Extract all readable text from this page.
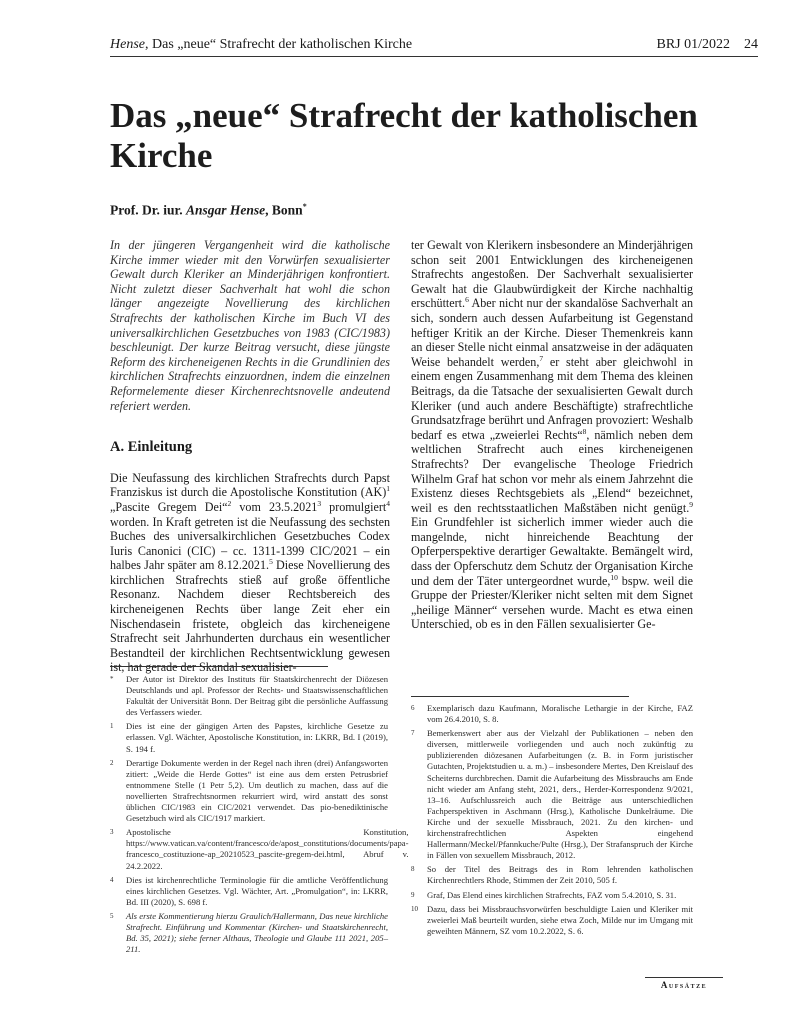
Hense, Das „neue“ Strafrecht der katholischen Kirche	BRJ 01/2022 24
Das „neue“ Strafrecht der katholischen Kirche
Prof. Dr. iur. Ansgar Hense, Bonn*

In der jüngeren Vergangenheit wird die katholische Kirche immer wieder mit den Vorwürfen sexualisierter Gewalt durch Kleriker an Minderjährigen konfrontiert. Nicht zuletzt dieser Sachverhalt hat wohl die schon länger angezeigte Novellierung des kirchlichen Strafrechts der katholischen Kirche im Buch VI des universalkirchlichen Gesetzbuches von 1983 (CIC/1983) beschleunigt. Der kurze Beitrag versucht, diese jüngste Reform des kircheneigenen Rechts in die Grundlinien des kirchlichen Strafrechts einzuordnen, indem die einzelnen Reformelemente dieser Kirchenrechtsnovelle andeutend referiert werden.

A. Einleitung

Die Neufassung des kirchlichen Strafrechts durch Papst Franziskus ist durch die Apostolische Konstitution (AK)$^1$ „Pascite Gregem Dei“$^2$ vom 23.5.2021$^3$ promulgiert$^4$ worden. In Kraft getreten ist die Neufassung des sechsten Buches des universalkirchlichen Gesetzbuches Codex Iuris Canonici (CIC) – cc. 1311-1399 CIC/2021 – ein halbes Jahr später am 8.12.2021.$^5$ Diese Novellierung des kirchlichen Strafrechts stieß auf große öffentliche Resonanz. Nachdem dieser Rechtsbereich des kircheneigenen Rechts über lange Zeit eher ein Nischendasein fristete, obgleich das kircheneigene Strafrecht seit Jahrhunderten durchaus ein wesentlicher Bestandteil der kirchlichen Rechtsentwicklung gewesen ist, hat gerade der Skandal sexualisier-

ter Gewalt von Klerikern insbesondere an Minderjährigen schon seit 2001 Entwicklungen des kircheneigenen Strafrechts angestoßen. Der Sachverhalt sexualisierter Gewalt hat die Glaubwürdigkeit der Kirche nachhaltig erschüttert.$^6$ Aber nicht nur der skandalöse Sachverhalt an sich, sondern auch dessen Aufarbeitung ist Gegenstand heftiger Kritik an der Kirche. Dieser Themenkreis kann an dieser Stelle nicht einmal ansatzweise in der adäquaten Weise behandelt werden,$^7$ er steht aber gleichwohl in einem engen Zusammenhang mit dem Thema des kleinen Beitrags, da die Tatsache der sexualisierten Gewalt durch Kleriker (und auch andere Beschäftigte) strafrechtliche Grundsatzfrage berührt und Anfragen provoziert: Weshalb bedarf es etwa „zweierlei Rechts“$^8$, nämlich neben dem weltlichen Strafrecht auch eines kircheneigenen Strafrechts? Der evangelische Theologe Friedrich Wilhelm Graf hat schon vor mehr als einem Jahrzehnt die Existenz dieses Rechtsgebiets als „Elend“ bezeichnet, weil es den rechtsstaatlichen Maßstäben nicht genügt.$^9$ Ein Grundfehler ist sicherlich immer wieder auch die mangelnde, nicht hinreichende Beachtung der Opferperspektive derartiger Gewaltakte. Bemängelt wird, dass der Opferschutz dem Schutz der Organisation Kirche und dem der Täter untergeordnet wurde,$^{10}$ bspw. weil die Gruppe der Priester/Kleriker nicht selten mit dem Signet „heilige Männer“ versehen wurde. Macht es etwa einen Unterschied, ob es in den Fällen sexualisierter Ge-

*	Der Autor ist Direktor des Instituts für Staatskirchenrecht der Diözesen Deutschlands und apl. Professor der Rechts- und Staatswissenschaftlichen Fakultät der Universität Bonn. Der Beitrag gibt die persönliche Auffassung des Verfassers wieder.
1	Dies ist eine der gängigen Arten des Papstes, kirchliche Gesetze zu erlassen. Vgl. Wächter, Apostolische Konstitution, in: LKRR, Bd. I (2019), S. 194 f.
2	Derartige Dokumente werden in der Regel nach ihren (drei) Anfangsworten zitiert: „Weide die Herde Gottes“ ist eine aus dem ersten Petrusbrief entnommene Stelle (1 Petr 5,2). Um deutlich zu machen, dass auf die novellierten Strafrechtsnormen rekurriert wird, wird anstatt des sonst üblichen CIC/1983 ein CIC/2021 verwendet. Das pio-benediktinische Gesetzbuch wird als CIC/1917 markiert.
3	Apostolische Konstitution, https://www.vatican.va/content/francesco/de/apost_constitutions/documents/papa-francesco_costituzione-ap_20210523_pascite-gregem-dei.html, Abruf v. 24.2.2022.
4	Dies ist kirchenrechtliche Terminologie für die amtliche Veröffentlichung eines kirchlichen Gesetzes. Vgl. Wächter, Art. „Promulgation“, in: LKRR, Bd. III (2020), S. 698 f.
5	Als erste Kommentierung hierzu Graulich/Hallermann, Das neue kirchliche Strafrecht. Einführung und Kommentar (Kirchen- und Staatskirchenrecht, Bd. 35, 2021); siehe ferner Althaus, Theologie und Glaube 111 2021, 205–211.
6	Exemplarisch dazu Kaufmann, Moralische Lethargie in der Kirche, FAZ vom 26.4.2010, S. 8.
7	Bemerkenswert aber aus der Vielzahl der Publikationen – neben den diversen, mittlerweile vorliegenden und auch noch zukünftig zu publizierenden diözesanen Aufarbeitungen (z. B. in Form juristischer Gutachten, Projektstudien u. a. m.) – insbesondere Mertes, Den Kreislauf des Scheiterns durchbrechen. Damit die Aufarbeitung des Missbrauchs am Ende nicht wieder am Anfang steht, 2021, ders., Herder-Korrespondenz 9/2021, 13–16. Aufschlussreich auch die Beiträge aus unterschiedlichen Fachperspektiven in Aschmann (Hrsg.), Katholische Dunkelräume. Die Kirche und der sexuelle Missbrauch, 2021. Zu den kirchen- und kirchenstrafrechtlichen Aspekten eingehend Hallermann/Meckel/Pfannkuche/Pulte (Hrsg.), Der Strafanspruch der Kirche in Fällen von sexuellem Missbrauch, 2012.
8	So der Titel des Beitrags des in Rom lehrenden katholischen Kirchenrechtlers Rhode, Stimmen der Zeit 2010, 505 f.
9	Graf, Das Elend eines kirchlichen Strafrechts, FAZ vom 5.4.2010, S. 31.
10	Dazu, dass bei Missbrauchsvorwürfen beschuldigte Laien und Kleriker mit zweierlei Maß beurteilt wurden, siehe etwa Zoch, Milde nur im Umgang mit geweihten Männern, SZ vom 10.2.2022, S. 6.
Aufsätze
